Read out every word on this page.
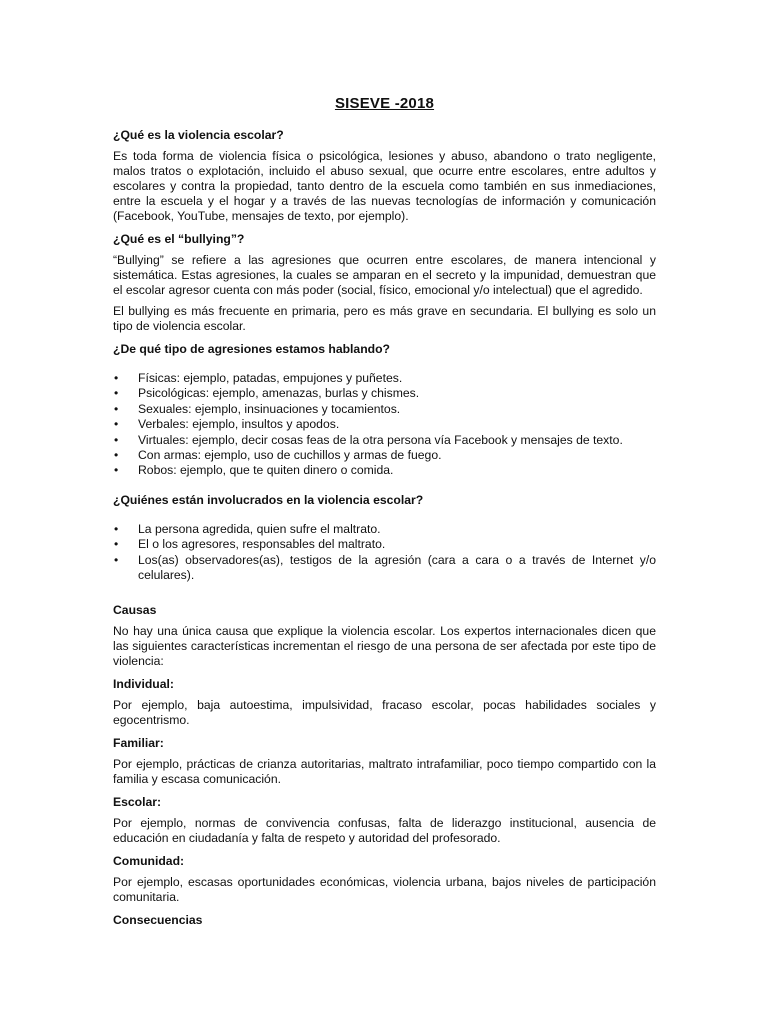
SISEVE -2018
¿Qué es la violencia escolar?
Es toda forma de violencia física o psicológica, lesiones y abuso, abandono o trato negligente, malos tratos o explotación, incluido el abuso sexual, que ocurre entre escolares, entre adultos y escolares y contra la propiedad, tanto dentro de la escuela como también en sus inmediaciones, entre la escuela y el hogar y a través de las nuevas tecnologías de información y comunicación (Facebook, YouTube, mensajes de texto, por ejemplo).
¿Qué es el “bullying”?
“Bullying” se refiere a las agresiones que ocurren entre escolares, de manera intencional y sistemática. Estas agresiones, la cuales se amparan en el secreto y la impunidad, demuestran que el escolar agresor cuenta con más poder (social, físico, emocional y/o intelectual) que el agredido.
El bullying es más frecuente en primaria, pero es más grave en secundaria. El bullying es solo un tipo de violencia escolar.
¿De qué tipo de agresiones estamos hablando?
• Físicas: ejemplo, patadas, empujones y puñetes.
• Psicológicas: ejemplo, amenazas, burlas y chismes.
• Sexuales: ejemplo, insinuaciones y tocamientos.
• Verbales: ejemplo, insultos y apodos.
• Virtuales: ejemplo, decir cosas feas de la otra persona vía Facebook y mensajes de texto.
• Con armas: ejemplo, uso de cuchillos y armas de fuego.
• Robos: ejemplo, que te quiten dinero o comida.
¿Quiénes están involucrados en la violencia escolar?
• La persona agredida, quien sufre el maltrato.
• El o los agresores, responsables del maltrato.
• Los(as) observadores(as), testigos de la agresión (cara a cara o a través de Internet y/o celulares).
Causas
No hay una única causa que explique la violencia escolar. Los expertos internacionales dicen que las siguientes características incrementan el riesgo de una persona de ser afectada por este tipo de violencia:
Individual:
Por ejemplo, baja autoestima, impulsividad, fracaso escolar, pocas habilidades sociales y egocentrismo.
Familiar:
Por ejemplo, prácticas de crianza autoritarias, maltrato intrafamiliar, poco tiempo compartido con la familia y escasa comunicación.
Escolar:
Por ejemplo, normas de convivencia confusas, falta de liderazgo institucional, ausencia de educación en ciudadanía y falta de respeto y autoridad del profesorado.
Comunidad:
Por ejemplo, escasas oportunidades económicas, violencia urbana, bajos niveles de participación comunitaria.
Consecuencias
